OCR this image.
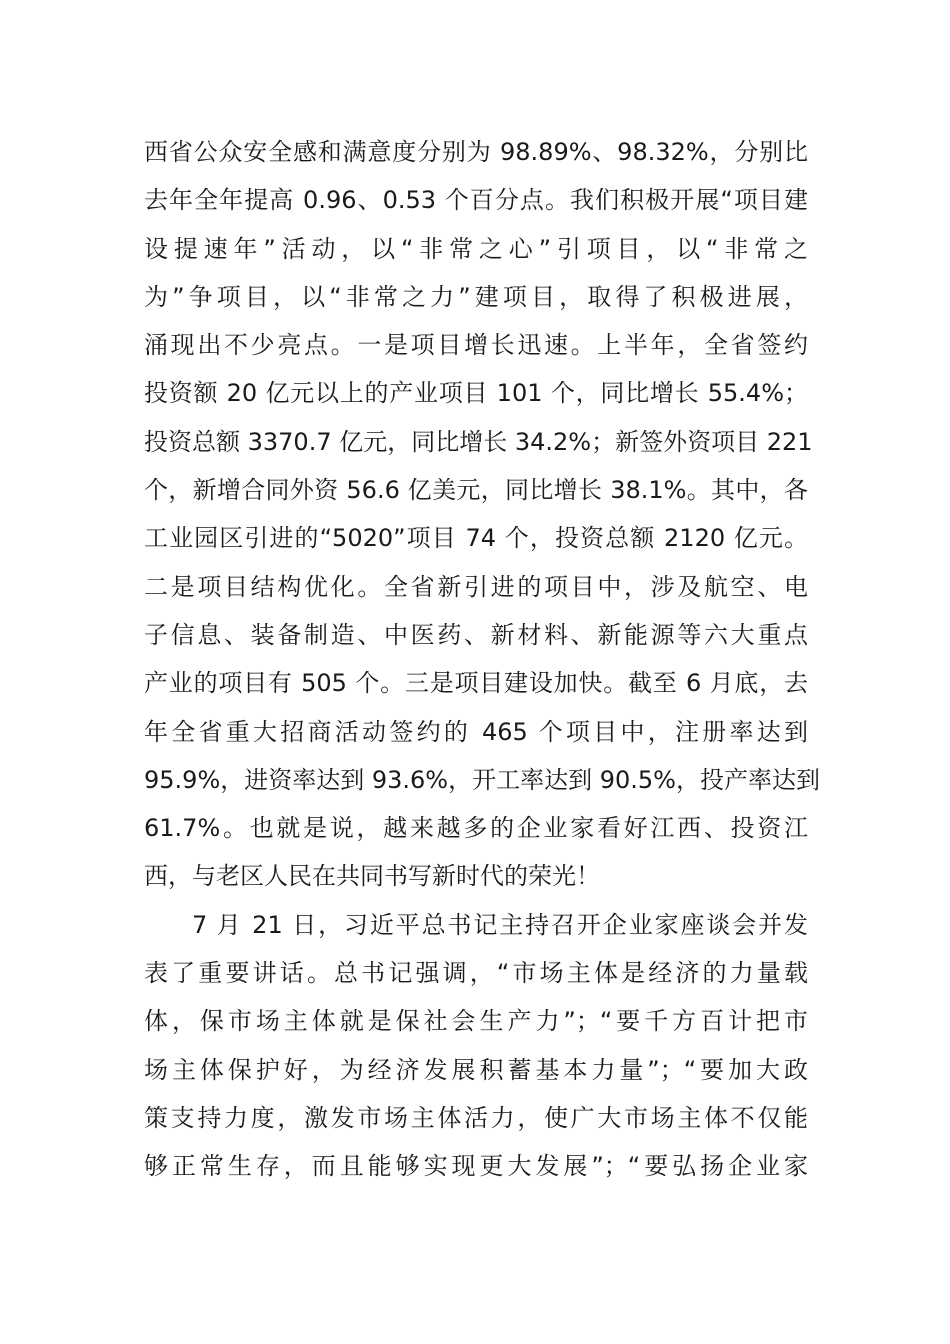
西省公众安全感和满意度分别为 98.89%、98.32%，分别比
去年全年提高 0.96、0.53 个百分点。我们积极开展“项目建
设提速年”活动，以“非常之心”引项目，以“非常之
为”争项目，以“非常之力”建项目，取得了积极进展，
涌现出不少亮点。一是项目增长迅速。上半年，全省签约
投资额 20 亿元以上的产业项目 101 个，同比增长 55.4%；
投资总额 3370.7 亿元，同比增长 34.2%；新签外资项目 221
个，新增合同外资 56.6 亿美元，同比增长 38.1%。其中，各
工业园区引进的“5020”项目 74 个，投资总额 2120 亿元。
二是项目结构优化。全省新引进的项目中，涉及航空、电
子信息、装备制造、中医药、新材料、新能源等六大重点
产业的项目有 505 个。三是项目建设加快。截至 6 月底，去
年全省重大招商活动签约的 465 个项目中，注册率达到
95.9%，进资率达到 93.6%，开工率达到 90.5%，投产率达到
61.7%。也就是说，越来越多的企业家看好江西、投资江
西，与老区人民在共同书写新时代的荣光！
7 月 21 日，习近平总书记主持召开企业家座谈会并发
表了重要讲话。总书记强调，“市场主体是经济的力量载
体，保市场主体就是保社会生产力”；“要千方百计把市
场主体保护好，为经济发展积蓄基本力量”；“要加大政
策支持力度，激发市场主体活力，使广大市场主体不仅能
够正常生存，而且能够实现更大发展”；“要弘扬企业家
